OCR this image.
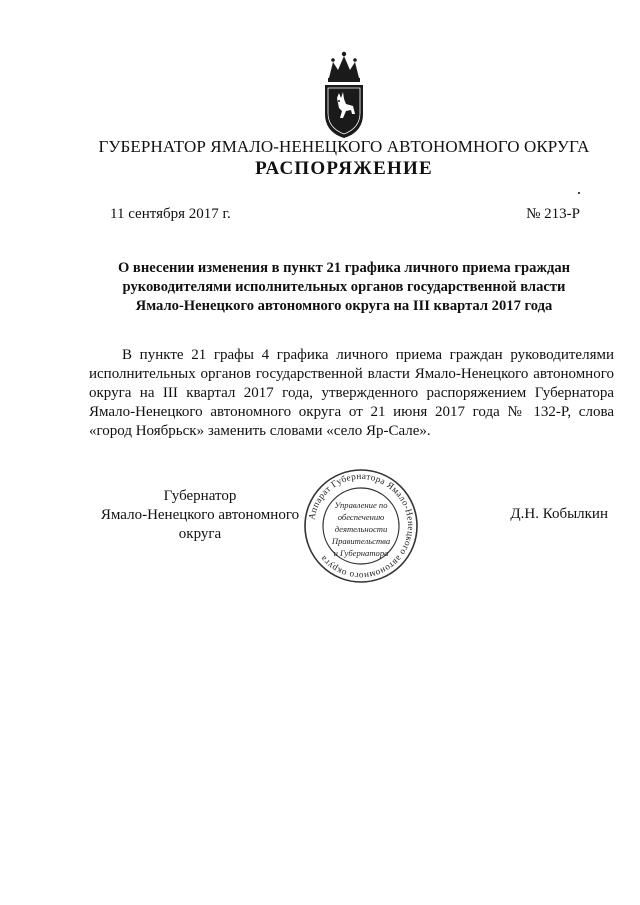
ГУБЕРНАТОР ЯМАЛО-НЕНЕЦКОГО АВТОНОМНОГО ОКРУГА
РАСПОРЯЖЕНИЕ
11 сентября 2017 г.	№ 213-Р
О внесении изменения в пункт 21 графика личного приема граждан руководителями исполнительных органов государственной власти Ямало-Ненецкого автономного округа на III квартал 2017 года
В пункте 21 графы 4 графика личного приема граждан руководителями исполнительных органов государственной власти Ямало-Ненецкого автономного округа на III квартал 2017 года, утвержденного распоряжением Губернатора Ямало-Ненецкого автономного округа от 21 июня 2017 года № 132-Р, слова «город Ноябрьск» заменить словами «село Яр-Сале».
Губернатор
Ямало-Ненецкого автономного округа
Аппарат Губернатора Ямало-Ненецкого автономного округа
Управление по
обеспечению
деятельности
Правительства
и Губернатора
Д.Н. Кобылкин
